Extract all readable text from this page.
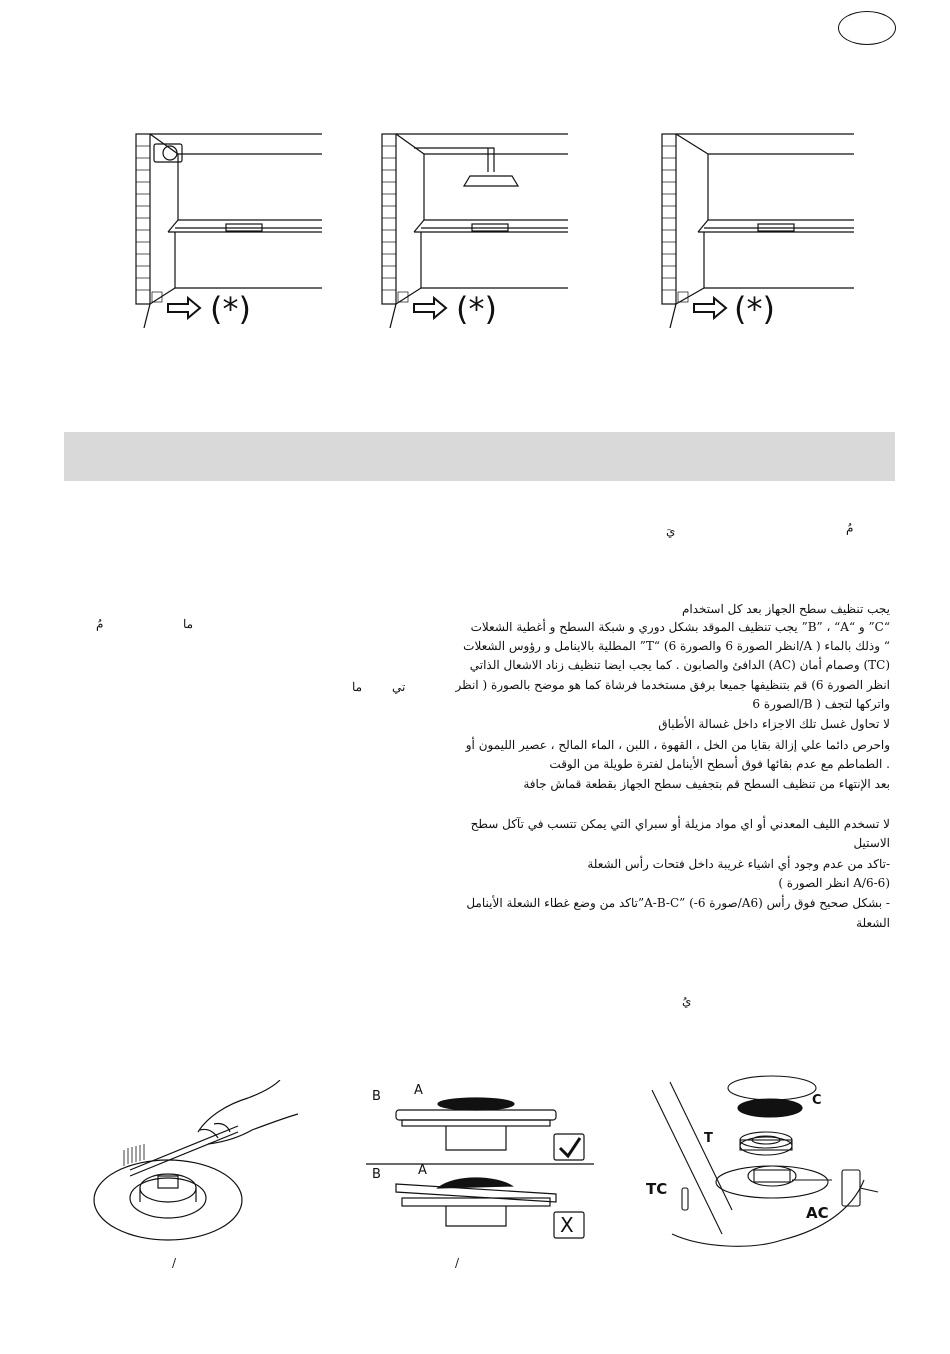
(*)	(*)	(*)
يَ	مُ
مُ	ما
ما تي
يُ
يجب تنظيف سطح الجهاز بعد كل استخدام
“C” و “B” ، “A” يجب تنظيف الموقد بشكل دوري و شبكة السطح و أغطية الشعلات
“ وذلك بالماء ( A/انظر الصورة 6 والصورة 6) “T” المطلية بالاينامل و رؤوس الشعلات
(TC) وصمام أمان (AC) الدافئ والصابون . كما يجب ايضا تنظيف زناد الاشعال الذاتي
انظر الصورة 6) قم بتنظيفها جميعا برفق مستخدما فرشاة كما هو موضح بالصورة ( انظر
واتركها لتجف ( B/الصورة 6
لا تحاول غسل تلك الاجزاء داخل غسالة الأطباق
واحرص دائما علي إزالة بقايا من الخل ، القهوة ، اللبن ، الماء المالح ، عصير الليمون أو
. الطماطم مع عدم بقائها فوق أسطح الأينامل لفترة طويلة من الوقت
بعد الإنتهاء من تنظيف السطح قم بتجفيف سطح الجهاز بقطعة قماش جافة
لا تسخدم الليف المعدني أو اي مواد مزيلة أو سبراي التي يمكن تتسب في تآكل سطح
الاستيل
-تاكد من عدم وجود أي اشياء غريبة داخل فتحات رأس الشعلة
(A/6-6 انظر الصورة )
- بشكل صحيح فوق رأس (A6/صورة 6-) ”A-B-C”تاكد من وضع غطاء الشعلة الأينامل
الشعلة
B	A
B	A
X
C
T
TC
AC
/	/
